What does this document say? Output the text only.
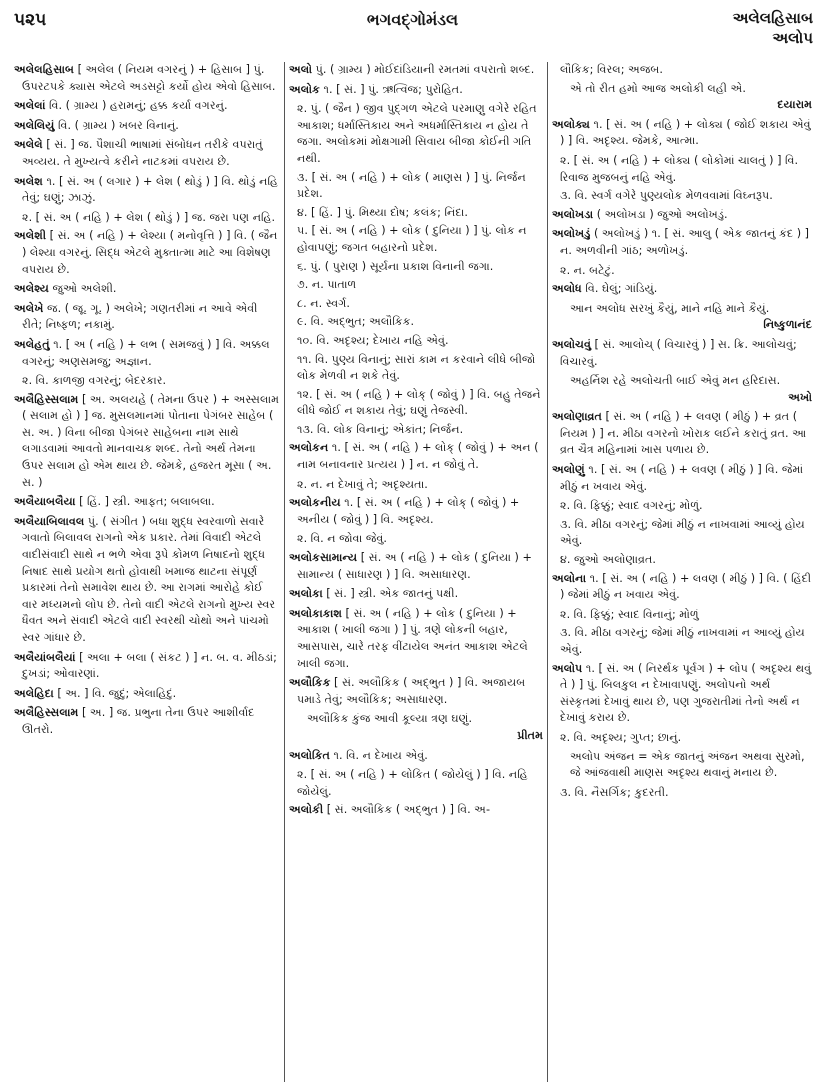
૫૨૫	ભગવદ્ગોમંડલ	અલેલહિસાબ
અલોપ
અલેલહિસાબ [ અલેલ ( નિયમ વગરનું ) + હિસાબ ] પું. ઉપરટપકે ક્યાસ એટલે અડસટ્ટો કર્યો હોય એવો હિસાબ.
અલેલાં વિ. ( ગ્રામ્ય ) હરામનું; હક્ક કર્યા વગરનું.
અલેલિયું વિ. ( ગ્રામ્ય ) ખબર વિનાનું.
અલેલે [ સં. ] જ. પૈશાચી ભાષામાં સંબોધન તરીકે વપરાતું અવ્યય. તે મુખ્યત્વે કરીને નાટકમાં વપરાય છે.
અલેશ ૧. [ સં. અ ( લગાર ) + લેશ ( થોડું ) ] વિ. થોડું નહિ તેવું; ઘણું; ઝાઝું.
૨. [ સં. અ ( નહિ ) + લેશ ( થોડું ) ] જ. જરા પણ નહિ.
અલેશી [ સં. અ ( નહિ ) + લેશ્યા ( મનોવૃત્તિ ) ] વિ. ( જૈન ) લેશ્યા વગરનું. સિદ્ધ એટલે મુક્તાત્મા માટે આ વિશેષણ વપરાય છે.
અલેશ્ય જુઓ અલેશી.
અલેખે જ. ( જૂ. ગૂ. ) અલેખે; ગણતરીમાં ન આવે એવી રીતે; નિષ્ફળ; નકામું.
અલેહતું ૧. [ અ ( નહિ ) + લભ ( સમજવું ) ] વિ. અક્કલ વગરનું; અણસમજુ; અજ્ઞાન.
૨. વિ. કાળજી વગરનું; બેદરકાર.
અલૈહિસ્સલામ [ અ. અલયહે ( તેમના ઉપર ) + અસ્સલામ ( સલામ હો ) ] જ. મુસલમાનમાં પોતાના પેગંબર સાહેબ ( સ. અ. ) વિના બીજા પેગંબર સાહેબના નામ સાથે લગાડવામાં આવતો માનવાચક શબ્દ. તેનો અર્થ તેમના ઉપર સલામ હો એમ થાય છે. જેમકે, હજરત મૂસા ( અ. સ. )
અલૈયાબલૈયા [ હિં. ] સ્ત્રી. આફત; બલાબલા.
અલૈયાબિલાવલ પું. ( સંગીત ) બધા શુદ્ધ સ્વરવાળો સવારે ગવાતો બિલાવલ રાગનો એક પ્રકાર. તેમાં વિવાદી એટલે વાદીસંવાદી સાથે ન ભળે એવા રૂપે કોમળ નિષાદનો શુદ્ધ નિષાદ સાથે પ્રયોગ થતો હોવાથી ખમાજ થાટના સંપૂર્ણ પ્રકારમાં તેનો સમાવેશ થાય છે. આ રાગમાં આરોહે કોઈ વાર મધ્યમનો લોપ છે. તેનો વાદી એટલે રાગનો મુખ્ય સ્વર ધૈવત અને સંવાદી એટલે વાદી સ્વરથી ચોથો અને પાંચમો સ્વર ગાંધાર છે.
અલૈયાંબલૈયાં [ અલા + બલા ( સંકટ ) ] ન. બ. વ. મીઠડાં; દુખડાં; ઓવારણાં.
અલેહિદા [ અ. ] વિ. જુદું; એલાહિદું.
અલૈહિસ્સલામ [ અ. ] જ. પ્રભુના તેના ઉપર આશીર્વાદ ઊતરો.
અલો પું. ( ગ્રામ્ય ) મોઈદાંડિયાની રમતમાં વપરાતો શબ્દ.
અલોક ૧. [ સં. ] પું. ઋત્વિજ; પુરોહિત.
૨. પું. ( જૈન ) જીવ પુદ્ગળ એટલે પરમાણુ વગેરે રહિત આકાશ; ધર્માસ્તિકાય અને અધર્માસ્તિકાય ન હોય તે જગા. અલોકમાં મોક્ષગામી સિવાય બીજા કોઈની ગતિ નથી.
૩. [ સં. અ ( નહિ ) + લોક ( માણસ ) ] પું. નિર્જન પ્રદેશ.
૪. [ હિં. ] પું. મિથ્યા દોષ; કલંક; નિંદા.
૫. [ સં. અ ( નહિ ) + લોક ( દુનિયા ) ] પું. લોક ન હોવાપણું; જગત બહારનો પ્રદેશ.
૬. પું. ( પુરાણ ) સૂર્યના પ્રકાશ વિનાની જગા.
૭. ન. પાતાળ
૮. ન. સ્વર્ગ.
૯. વિ. અદ્ભુત; અલૌકિક.
૧૦. વિ. અદૃશ્ય; દેખાય નહિ એવું.
૧૧. વિ. પુણ્ય વિનાનું; સારાં કામ ન કરવાને લીધે બીજો લોક મેળવી ન શકે તેવું.
૧૨. [ સં. અ ( નહિ ) + લોક્ ( જોવું ) ] વિ. બહુ તેજને લીધે જોઈ ન શકાય તેવું; ઘણું તેજસ્વી.
૧૩. વિ. લોક વિનાનું; એકાંત; નિર્જન.
અલોકન ૧. [ સં. અ ( નહિ ) + લોક્ ( જોવું ) + અન ( નામ બનાવનાર પ્રત્યય ) ] ન. ન જોવું તે.
૨. ન. ન દેખાવું તે; અદૃશ્યતા.
અલોકનીય ૧. [ સં. અ ( નહિ ) + લોક્ ( જોવું ) + અનીય ( જોવું ) ] વિ. અદૃશ્ય.
૨. વિ. ન જોવા જેવું.
અલોકસામાન્ય [ સં. અ ( નહિ ) + લોક ( દુનિયા ) + સામાન્ય ( સાધારણ ) ] વિ. અસાધારણ.
અલોકા [ સં. ] સ્ત્રી. એક જાતનું પક્ષી.
અલોકાકાશ [ સં. અ ( નહિ ) + લોક ( દુનિયા ) + આકાશ ( ખાલી જગા ) ] પું. ત્રણે લોકની બહાર, આસપાસ, ચારે તરફ વીંટાયેલ અનંત આકાશ એટલે ખાલી જગા.
અલૌકિક [ સં. અલૌકિક ( અદ્ભુત ) ] વિ. અજાયબ પમાડે તેવું; અલૌકિક; અસાધારણ.
અલૌકિક કુંજ આવી કૂલ્યા ત્રણ ઘણું.
પ્રીતમ
અલોકિત ૧. વિ. ન દેખાય એવું.
૨. [ સં. અ ( નહિ ) + લોકિત ( જોયેલું ) ] વિ. નહિ જોયેલું.
અલોકી [ સં. અલૌકિક ( અદ્ભુત ) ] વિ. અ-
લૌકિક; વિરલ; અજબ.
એ તો રીત હમો આજ અલોકી લહી એ.
દયારામ
અલોક્ય ૧. [ સં. અ ( નહિ ) + લોક્ય ( જોઈ શકાય એવું ) ] વિ. અદૃશ્ય. જેમકે, આત્મા.
૨. [ સં. અ ( નહિ ) + લોક્ય ( લોકોમાં ચાલતું ) ] વિ. રિવાજ મુજબનું નહિ એવું.
૩. વિ. સ્વર્ગ વગેરે પુણ્યલોક મેળવવામાં વિઘ્નરૂપ.
અલોખડા ( અલોખડા ) જુઓ અલોખડું.
અલોખડું ( અલોખડું ) ૧. [ સં. આલુ ( એક જાતનું કંદ ) ] ન. અળવીની ગાંઠ; અળોખડું.
૨. ન. બટેટું.
અલોધ વિ. ઘેલું; ગાંડિયું.
આન અલોધ સરખું કૈયું, માને નહિ માને કૈયું.
નિષ્કુળાનંદ
અલોચવું [ સં. આલોચ્ ( વિચારવું ) ] સ. ક્રિ. આલોચવું; વિચારવું.
અહર્નિશ રહે અલોચતી બાઈ એવું મન હરિદાસ.
અખો
અલોણાવ્રત [ સં. અ ( નહિ ) + લવણ ( મીઠું ) + વ્રત ( નિયમ ) ] ન. મીઠા વગરનો ખોરાક લઈને કરાતું વ્રત. આ વ્રત ચૈત્ર મહિનામાં ખાસ પળાય છે.
અલોણું ૧. [ સં. અ ( નહિ ) + લવણ ( મીઠું ) ] વિ. જેમાં મીઠું ન ખવાય એવું.
૨. વિ. ફિક્કું; સ્વાદ વગરનું; મોળું.
૩. વિ. મીઠા વગરનું; જેમાં મીઠું ન નાખવામાં આવ્યું હોય એવું.
૪. જુઓ અલોણાવ્રત.
અલોના ૧. [ સં. અ ( નહિ ) + લવણ ( મીઠું ) ] વિ. ( હિંદી ) જેમાં મીઠું ન ખવાય એવું.
૨. વિ. ફિક્કું; સ્વાદ વિનાનું; મોળું
૩. વિ. મીઠા વગરનું; જેમાં મીઠું નાખવામાં ન આવ્યું હોય એવું.
અલોપ ૧. [ સં. અ ( નિરર્થક પૂર્વગ ) + લોપ ( અદૃશ્ય થવું તે ) ] પું. બિલકુલ ન દેખાવાપણું. અલોપનો અર્થ સંસ્કૃતમાં દેખાવું થાય છે, પણ ગુજરાતીમાં તેનો અર્થ ન દેખાવું કરાય છે.
૨. વિ. અદૃશ્ય; ગુપ્ત; છાનું.
અલોપ અંજન = એક જાતનું અંજન અથવા સુરમો, જે આંજવાથી માણસ અદૃશ્ય થવાનું મનાય છે.
૩. વિ. નૈસર્ગિક; કુદરતી.
